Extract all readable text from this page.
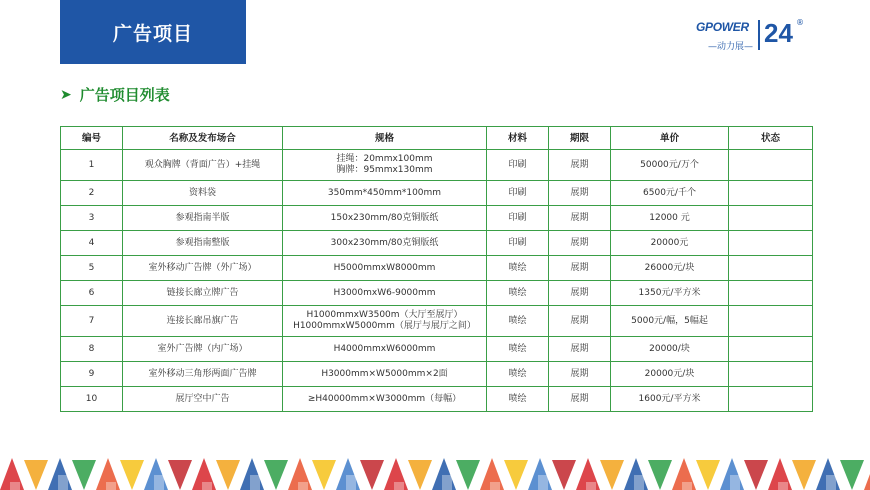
广告项目	GPOWER
—动力展— 24 ®
➤ 广告项目列表
编号	名称及发布场合	规格	材料	期限	单价	状态
1	观众胸牌（背面广告）+挂绳	挂绳：20mmx100mm
胸牌：95mmx130mm	印刷	展期	50000元/万个	
2	资料袋	350mm*450mm*100mm	印刷	展期	6500元/千个	
3	参观指南半版	150x230mm/80克铜版纸	印刷	展期	12000 元	
4	参观指南整版	300x230mm/80克铜版纸	印刷	展期	20000元	
5	室外移动广告牌（外广场）	H5000mmxW8000mm	喷绘	展期	26000元/块	
6	链接长廊立牌广告	H3000mxW6-9000mm	喷绘	展期	1350元/平方米	
7	连接长廊吊旗广告	H1000mmxW3500m（大厅至展厅）
H1000mmxW5000mm（展厅与展厅之间）	喷绘	展期	5000元/幅，5幅起	
8	室外广告牌（内广场）	H4000mmxW6000mm	喷绘	展期	20000/块	
9	室外移动三角形两面广告牌	H3000mm×W5000mm×2面	喷绘	展期	20000元/块	
10	展厅空中广告	≥H40000mm×W3000mm（每幅）	喷绘	展期	1600元/平方米	
